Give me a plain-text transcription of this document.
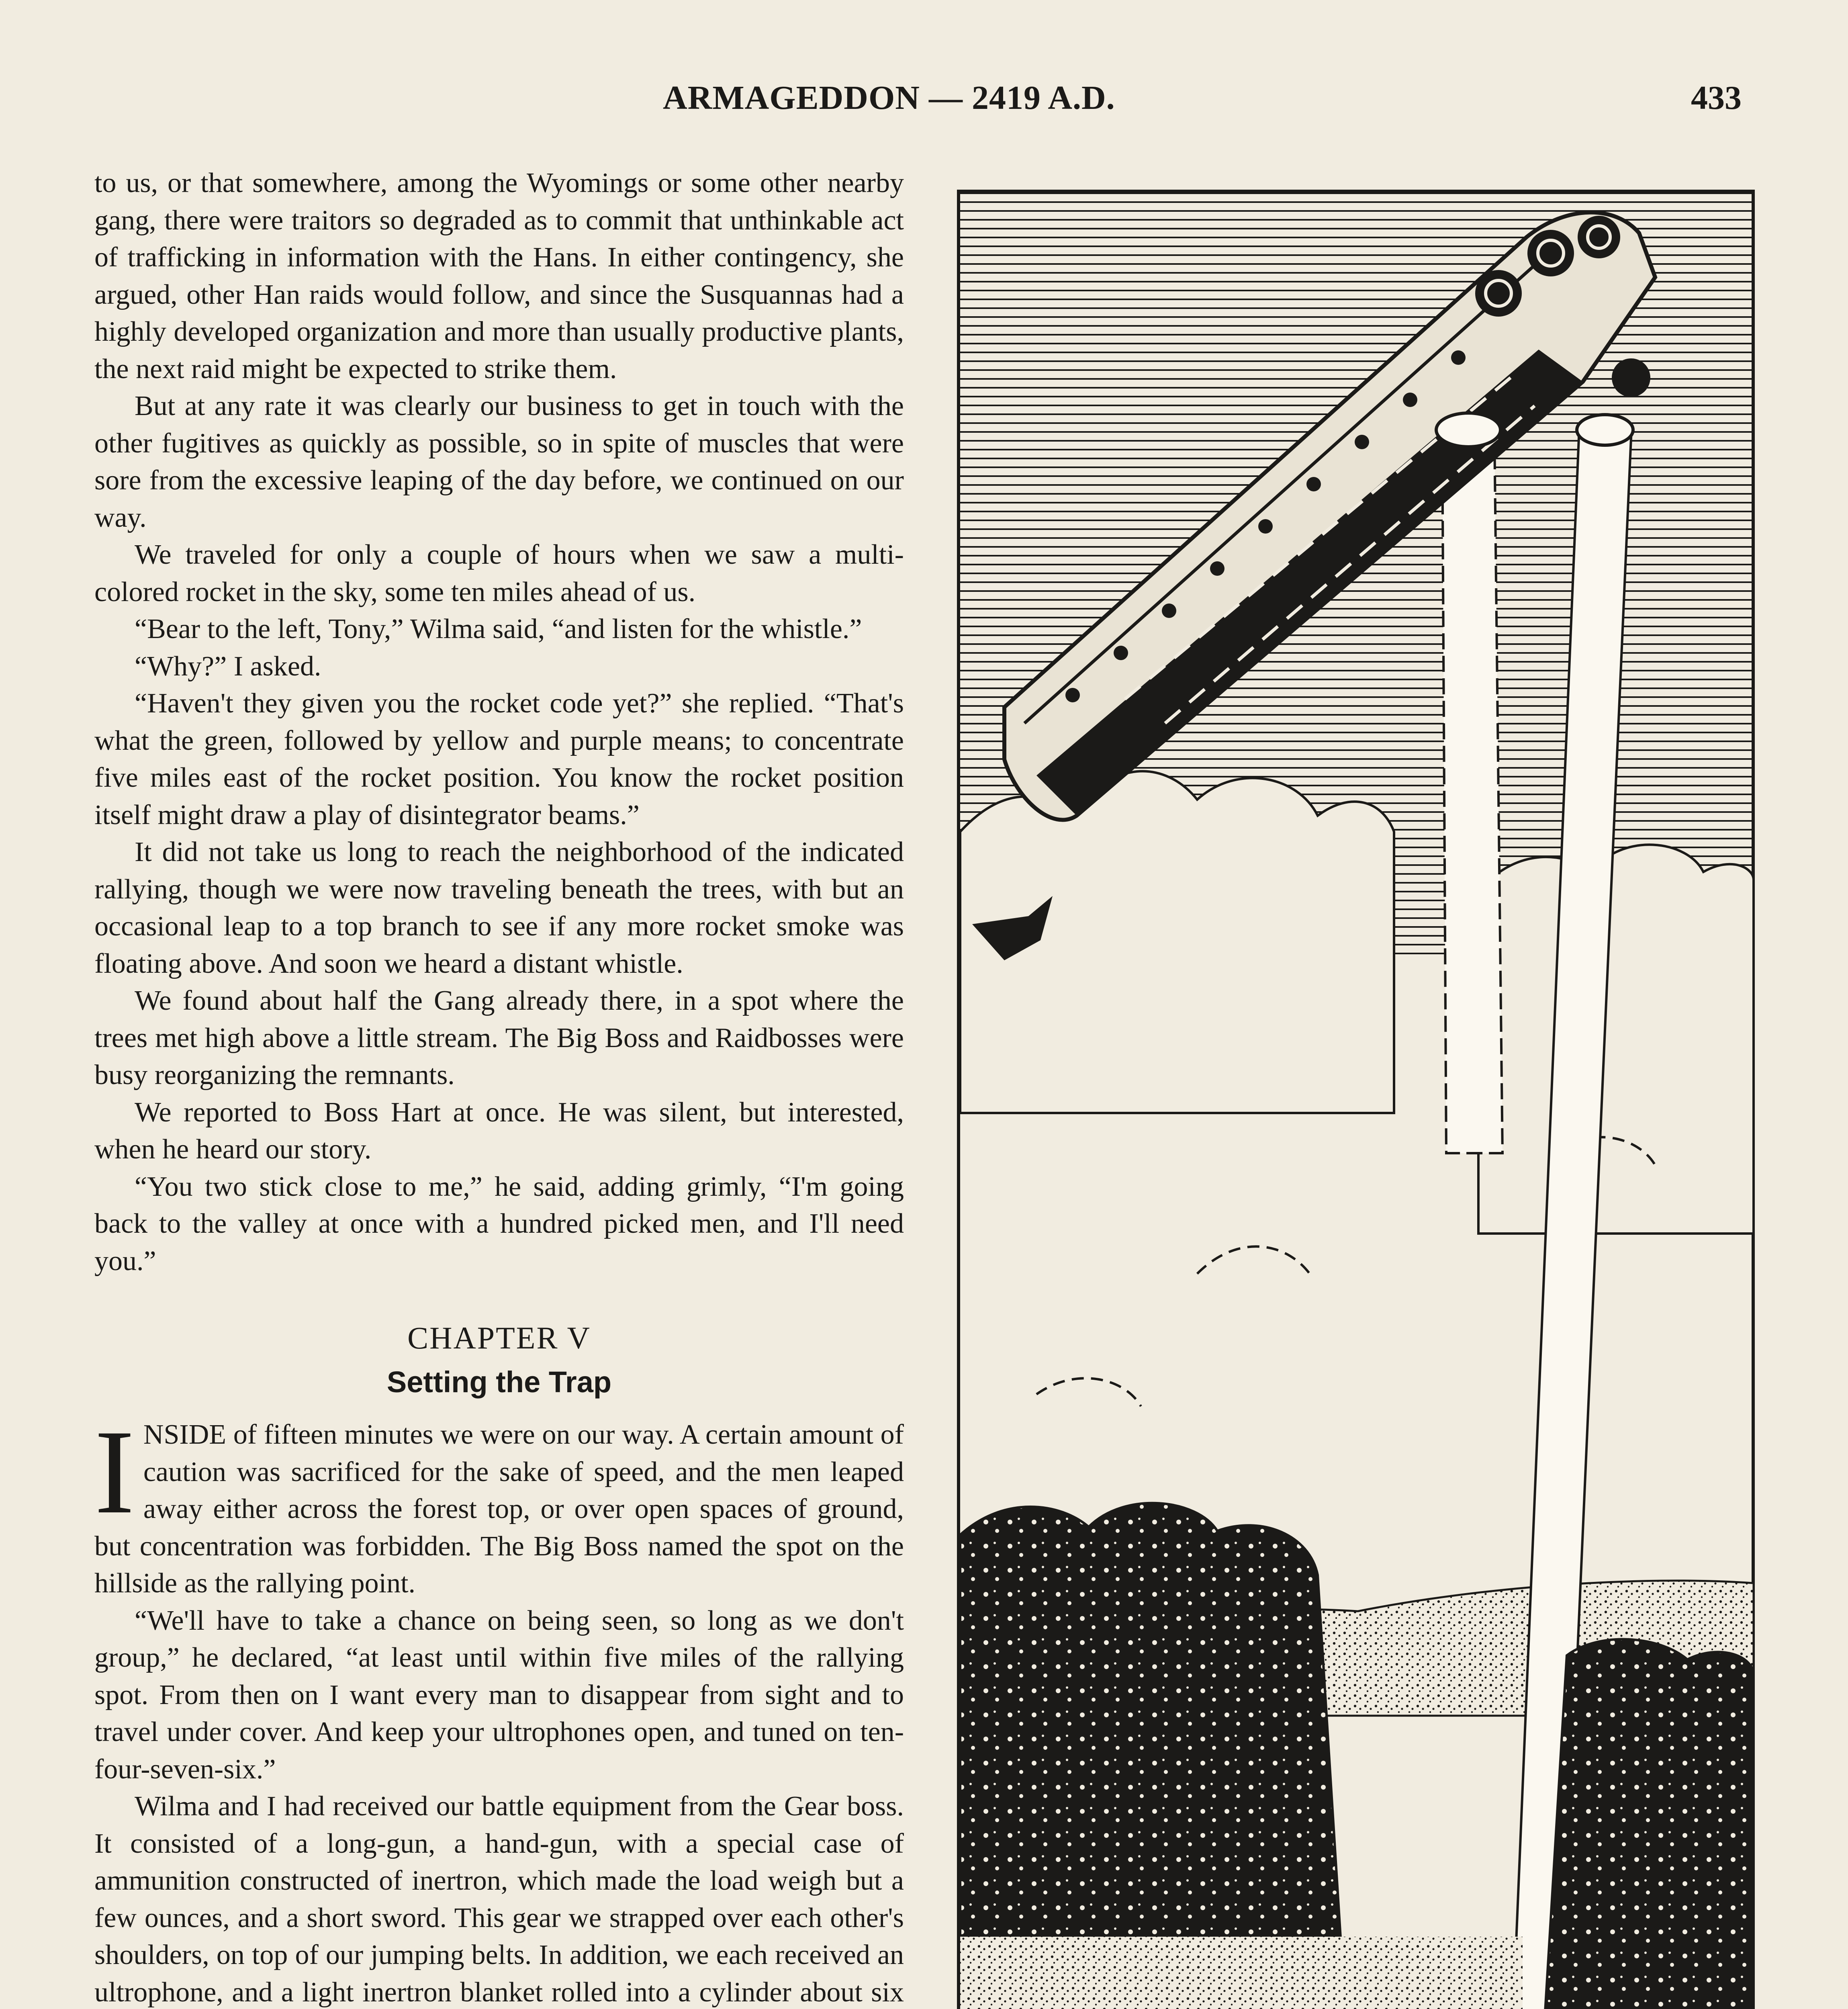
ARMAGEDDON — 2419 A.D.	433

to us, or that somewhere, among the Wyomings or some other nearby gang, there were traitors so degraded as to commit that unthinkable act of trafficking in information with the Hans. In either contingency, she argued, other Han raids would follow, and since the Susquannas had a highly developed organization and more than usually productive plants, the next raid might be expected to strike them.

But at any rate it was clearly our business to get in touch with the other fugitives as quickly as possible, so in spite of muscles that were sore from the excessive leaping of the day before, we continued on our way.

We traveled for only a couple of hours when we saw a multi-colored rocket in the sky, some ten miles ahead of us.

“Bear to the left, Tony,” Wilma said, “and listen for the whistle.”

“Why?” I asked.

“Haven't they given you the rocket code yet?” she replied. “That's what the green, followed by yellow and purple means; to concentrate five miles east of the rocket position. You know the rocket position itself might draw a play of disintegrator beams.”

It did not take us long to reach the neighborhood of the indicated rallying, though we were now traveling beneath the trees, with but an occasional leap to a top branch to see if any more rocket smoke was floating above. And soon we heard a distant whistle.

We found about half the Gang already there, in a spot where the trees met high above a little stream. The Big Boss and Raidbosses were busy reorganizing the remnants.

We reported to Boss Hart at once. He was silent, but interested, when he heard our story.

“You two stick close to me,” he said, adding grimly, “I'm going back to the valley at once with a hundred picked men, and I'll need you.”

CHAPTER V
Setting the Trap

INSIDE of fifteen minutes we were on our way. A certain amount of caution was sacrificed for the sake of speed, and the men leaped away either across the forest top, or over open spaces of ground, but concentration was forbidden. The Big Boss named the spot on the hillside as the rallying point.

“We'll have to take a chance on being seen, so long as we don't group,” he declared, “at least until within five miles of the rallying spot. From then on I want every man to disappear from sight and to travel under cover. And keep your ultrophones open, and tuned on ten-four-seven-six.”

Wilma and I had received our battle equipment from the Gear boss. It consisted of a long-gun, a hand-gun, with a special case of ammunition constructed of inertron, which made the load weigh but a few ounces, and a short sword. This gear we strapped over each other's shoulders, on top of our jumping belts. In addition, we each received an ultrophone, and a light inertron blanket rolled into a cylinder about six
